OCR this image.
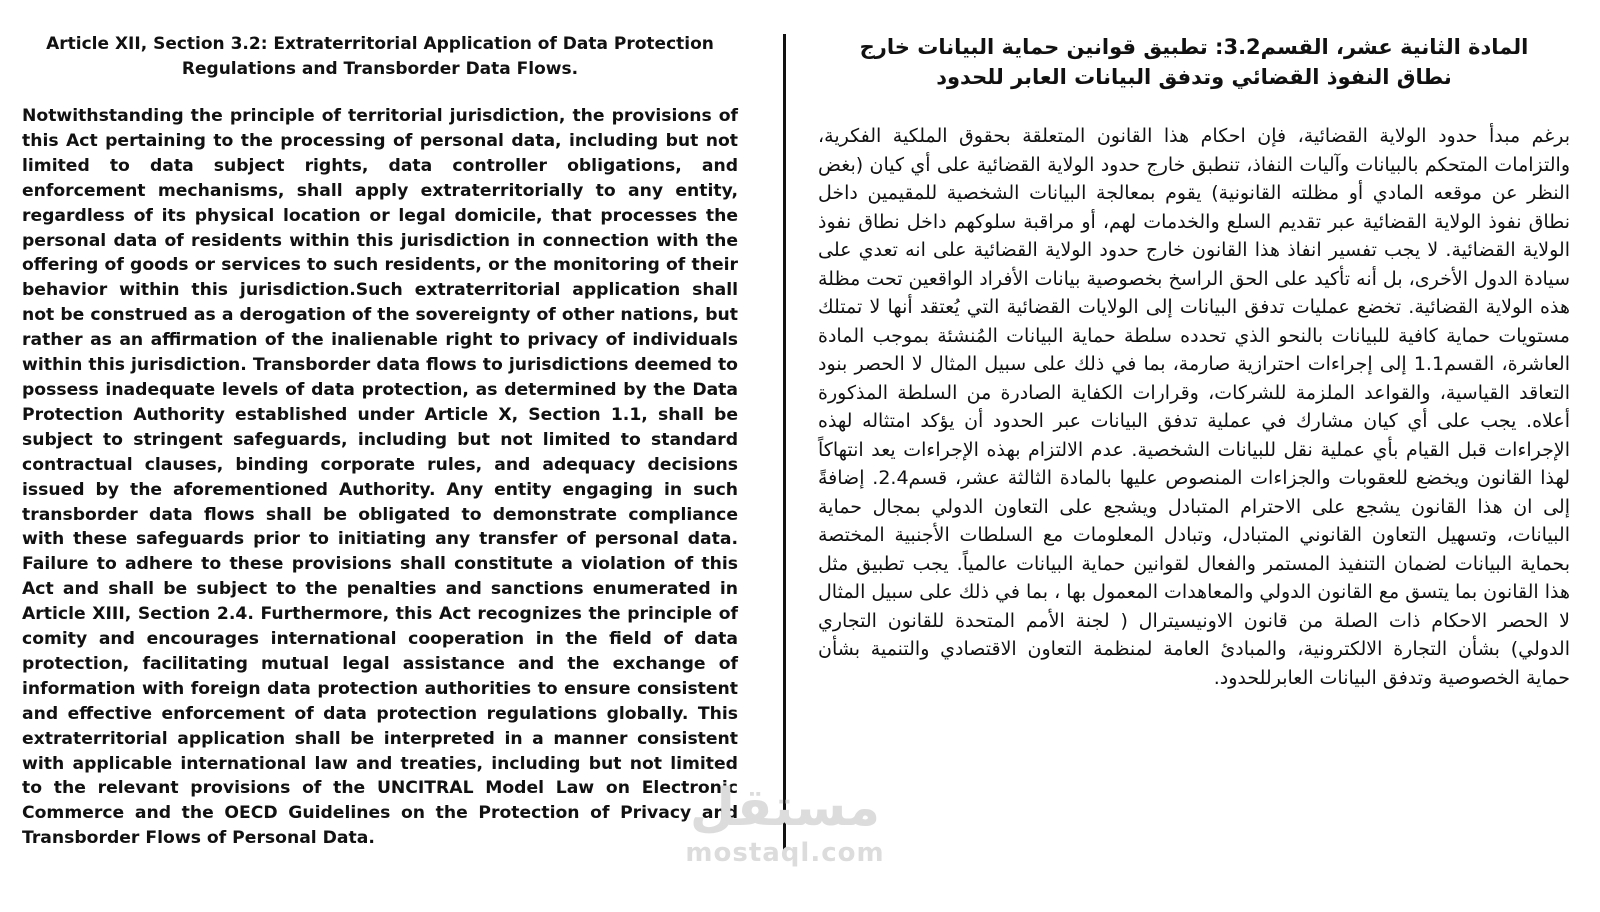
Article XII, Section 3.2: Extraterritorial Application of Data Protection Regulations and Transborder Data Flows.

Notwithstanding the principle of territorial jurisdiction, the provisions of this Act pertaining to the processing of personal data, including but not limited to data subject rights, data controller obligations, and enforcement mechanisms, shall apply extraterritorially to any entity, regardless of its physical location or legal domicile, that processes the personal data of residents within this jurisdiction in connection with the offering of goods or services to such residents, or the monitoring of their behavior within this jurisdiction.Such extraterritorial application shall not be construed as a derogation of the sovereignty of other nations, but rather as an affirmation of the inalienable right to privacy of individuals within this jurisdiction. Transborder data flows to jurisdictions deemed to possess inadequate levels of data protection, as determined by the Data Protection Authority established under Article X, Section 1.1, shall be subject to stringent safeguards, including but not limited to standard contractual clauses, binding corporate rules, and adequacy decisions issued by the aforementioned Authority. Any entity engaging in such transborder data flows shall be obligated to demonstrate compliance with these safeguards prior to initiating any transfer of personal data. Failure to adhere to these provisions shall constitute a violation of this Act and shall be subject to the penalties and sanctions enumerated in Article XIII, Section 2.4. Furthermore, this Act recognizes the principle of comity and encourages international cooperation in the field of data protection, facilitating mutual legal assistance and the exchange of information with foreign data protection authorities to ensure consistent and effective enforcement of data protection regulations globally. This extraterritorial application shall be interpreted in a manner consistent with applicable international law and treaties, including but not limited to the relevant provisions of the UNCITRAL Model Law on Electronic Commerce and the OECD Guidelines on the Protection of Privacy and Transborder Flows of Personal Data.

المادة الثانية عشر، القسم3.2: تطبيق قوانين حماية البيانات خارج نطاق النفوذ القضائي وتدفق البيانات العابر للحدود

برغم مبدأ حدود الولاية القضائية، فإن احكام هذا القانون المتعلقة بحقوق الملكية الفكرية، والتزامات المتحكم بالبيانات وآليات النفاذ، تنطبق خارج حدود الولاية القضائية على أي كيان (بغض النظر عن موقعه المادي أو مظلته القانونية) يقوم بمعالجة البيانات الشخصية للمقيمين داخل نطاق نفوذ الولاية القضائية عبر تقديم السلع والخدمات لهم، أو مراقبة سلوكهم داخل نطاق نفوذ الولاية القضائية. لا يجب تفسير انفاذ هذا القانون خارج حدود الولاية القضائية على انه تعدي على سيادة الدول الأخرى، بل أنه تأكيد على الحق الراسخ بخصوصية بيانات الأفراد الواقعين تحت مظلة هذه الولاية القضائية. تخضع عمليات تدفق البيانات إلى الولايات القضائية التي يُعتقد أنها لا تمتلك مستويات حماية كافية للبيانات بالنحو الذي تحدده سلطة حماية البيانات المُنشئة بموجب المادة العاشرة، القسم1.1 إلى إجراءات احترازية صارمة، بما في ذلك على سبيل المثال لا الحصر بنود التعاقد القياسية، والقواعد الملزمة للشركات، وقرارات الكفاية الصادرة من السلطة المذكورة أعلاه. يجب على أي كيان مشارك في عملية تدفق البيانات عبر الحدود أن يؤكد امتثاله لهذه الإجراءات قبل القيام بأي عملية نقل للبيانات الشخصية. عدم الالتزام بهذه الإجراءات يعد انتهاكاً لهذا القانون ويخضع للعقوبات والجزاءات المنصوص عليها بالمادة الثالثة عشر، قسم2.4. إضافةً إلى ان هذا القانون يشجع على الاحترام المتبادل ويشجع على التعاون الدولي بمجال حماية البيانات، وتسهيل التعاون القانوني المتبادل، وتبادل المعلومات مع السلطات الأجنبية المختصة بحماية البيانات لضمان التنفيذ المستمر والفعال لقوانين حماية البيانات عالمياً. يجب تطبيق مثل هذا القانون بما يتسق مع القانون الدولي والمعاهدات المعمول بها ، بما في ذلك على سبيل المثال لا الحصر الاحكام ذات الصلة من قانون الاونيسيترال ( لجنة الأمم المتحدة للقانون التجاري الدولي) بشأن التجارة الالكترونية، والمبادئ العامة لمنظمة التعاون الاقتصادي والتنمية بشأن حماية الخصوصية وتدفق البيانات العابرللحدود.

مستقل
mostaql.com
